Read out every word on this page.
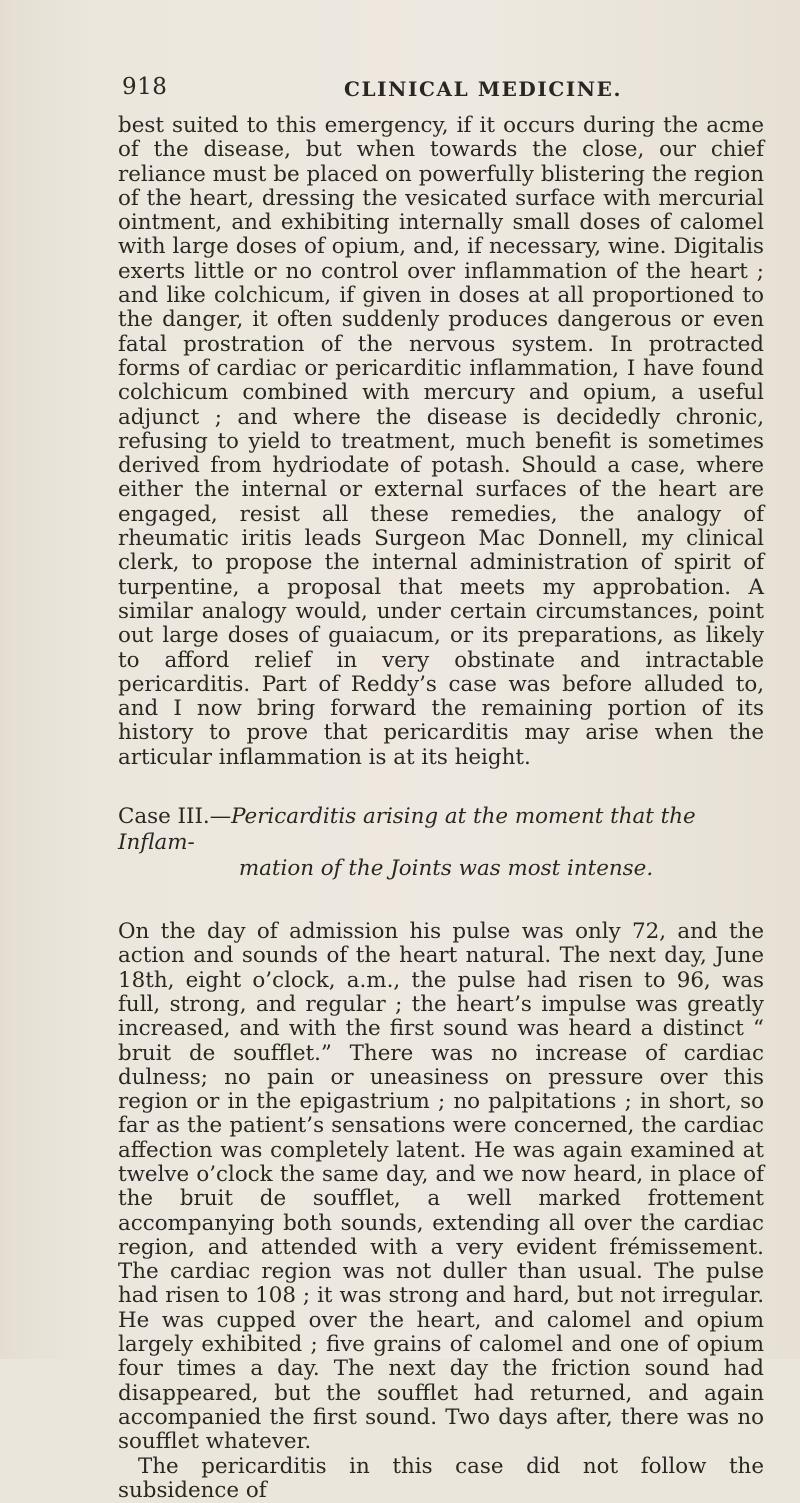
918	CLINICAL MEDICINE.

best suited to this emergency, if it occurs during the acme of the disease, but when towards the close, our chief reliance must be placed on powerfully blistering the region of the heart, dressing the vesicated surface with mercurial ointment, and exhibiting internally small doses of calomel with large doses of opium, and, if necessary, wine. Digitalis exerts little or no control over inflammation of the heart ; and like colchicum, if given in doses at all proportioned to the danger, it often suddenly produces dangerous or even fatal prostration of the nervous system. In protracted forms of cardiac or pericarditic inflammation, I have found colchicum combined with mercury and opium, a useful adjunct ; and where the disease is decidedly chronic, refusing to yield to treatment, much benefit is sometimes derived from hydriodate of potash. Should a case, where either the internal or external surfaces of the heart are engaged, resist all these remedies, the analogy of rheumatic iritis leads Surgeon Mac Donnell, my clinical clerk, to propose the internal administration of spirit of turpentine, a proposal that meets my approbation. A similar analogy would, under certain circumstances, point out large doses of guaiacum, or its preparations, as likely to afford relief in very obstinate and intractable pericarditis. Part of Reddy’s case was before alluded to, and I now bring forward the remaining portion of its history to prove that pericarditis may arise when the articular inflammation is at its height.

Case III.—Pericarditis arising at the moment that the Inflam-
mation of the Joints was most intense.

On the day of admission his pulse was only 72, and the action and sounds of the heart natural. The next day, June 18th, eight o’clock, a.m., the pulse had risen to 96, was full, strong, and regular ; the heart’s impulse was greatly increased, and with the first sound was heard a distinct “ bruit de soufflet.” There was no increase of cardiac dulness; no pain or uneasiness on pressure over this region or in the epigastrium ; no palpitations ; in short, so far as the patient’s sensations were concerned, the cardiac affection was completely latent. He was again examined at twelve o’clock the same day, and we now heard, in place of the bruit de soufflet, a well marked frottement accompanying both sounds, extending all over the cardiac region, and attended with a very evident frémissement. The cardiac region was not duller than usual. The pulse had risen to 108 ; it was strong and hard, but not irregular. He was cupped over the heart, and calomel and opium largely exhibited ; five grains of calomel and one of opium four times a day. The next day the friction sound had disappeared, but the soufflet had returned, and again accompanied the first sound. Two days after, there was no soufflet whatever.

The pericarditis in this case did not follow the subsidence of
